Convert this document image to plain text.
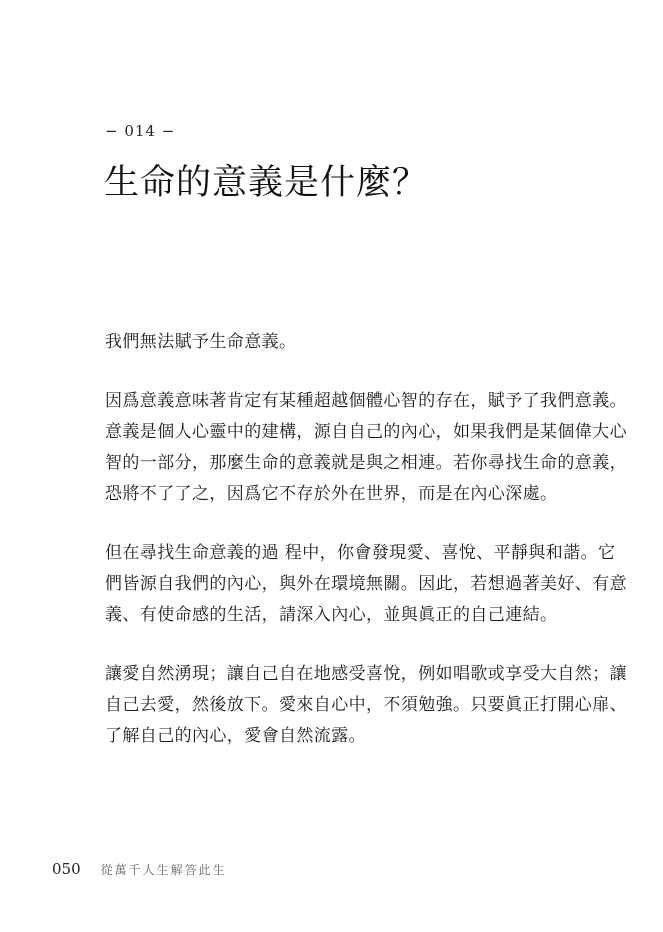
− 014 −
生命的意義是什麼？

我們無法賦予生命意義。

因爲意義意味著肯定有某種超越個體心智的存在，賦予了我們意義。
意義是個人心靈中的建構，源自自己的內心，如果我們是某個偉大心
智的一部分，那麼生命的意義就是與之相連。若你尋找生命的意義，
恐將不了了之，因爲它不存於外在世界，而是在內心深處。

但在尋找生命意義的過 程中，你會發現愛、喜悅、平靜與和諧。它
們皆源自我們的內心，與外在環境無關。因此，若想過著美好、有意
義、有使命感的生活，請深入內心，並與眞正的自己連結。

讓愛自然湧現；讓自己自在地感受喜悅，例如唱歌或享受大自然；讓
自己去愛，然後放下。愛來自心中，不須勉強。只要眞正打開心扉、
了解自己的內心，愛會自然流露。

050 從萬千人生解答此生
